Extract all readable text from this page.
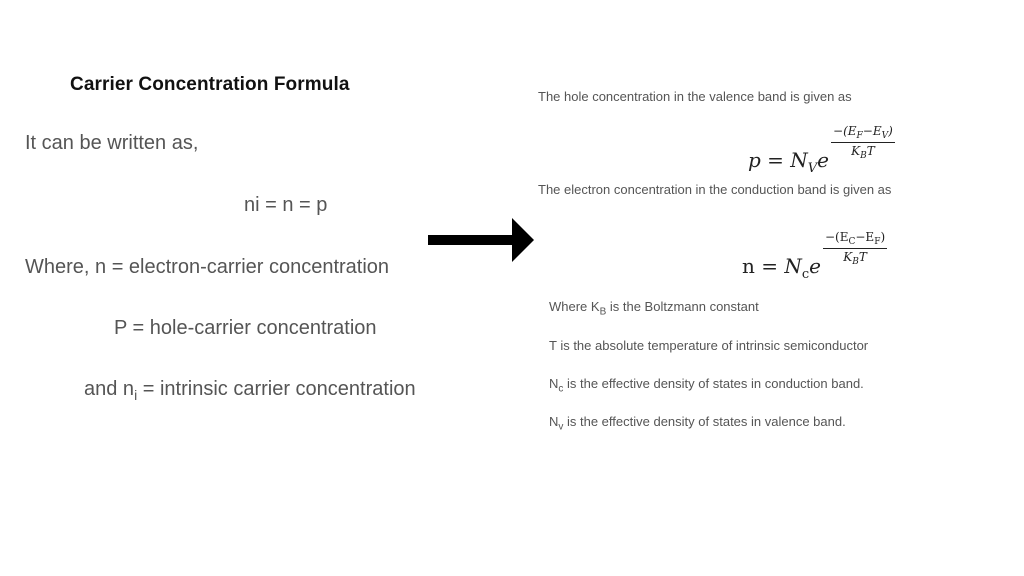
Carrier Concentration Formula
It can be written as,
ni = n = p
Where, n = electron-carrier concentration
P = hole-carrier concentration
and $n_i$ = intrinsic carrier concentration
The hole concentration in the valence band is given as
$p = N_Ve \frac{-(E_F-E_V)}{K_BT}$
The electron concentration in the conduction band is given as
$n = N_ce \frac{-(E_C-E_F)}{K_BT}$
Where $K_B$ is the Boltzmann constant
T is the absolute temperature of intrinsic semiconductor
$N_c$ is the effective density of states in conduction band.
$N_v$ is the effective density of states in valence band.
